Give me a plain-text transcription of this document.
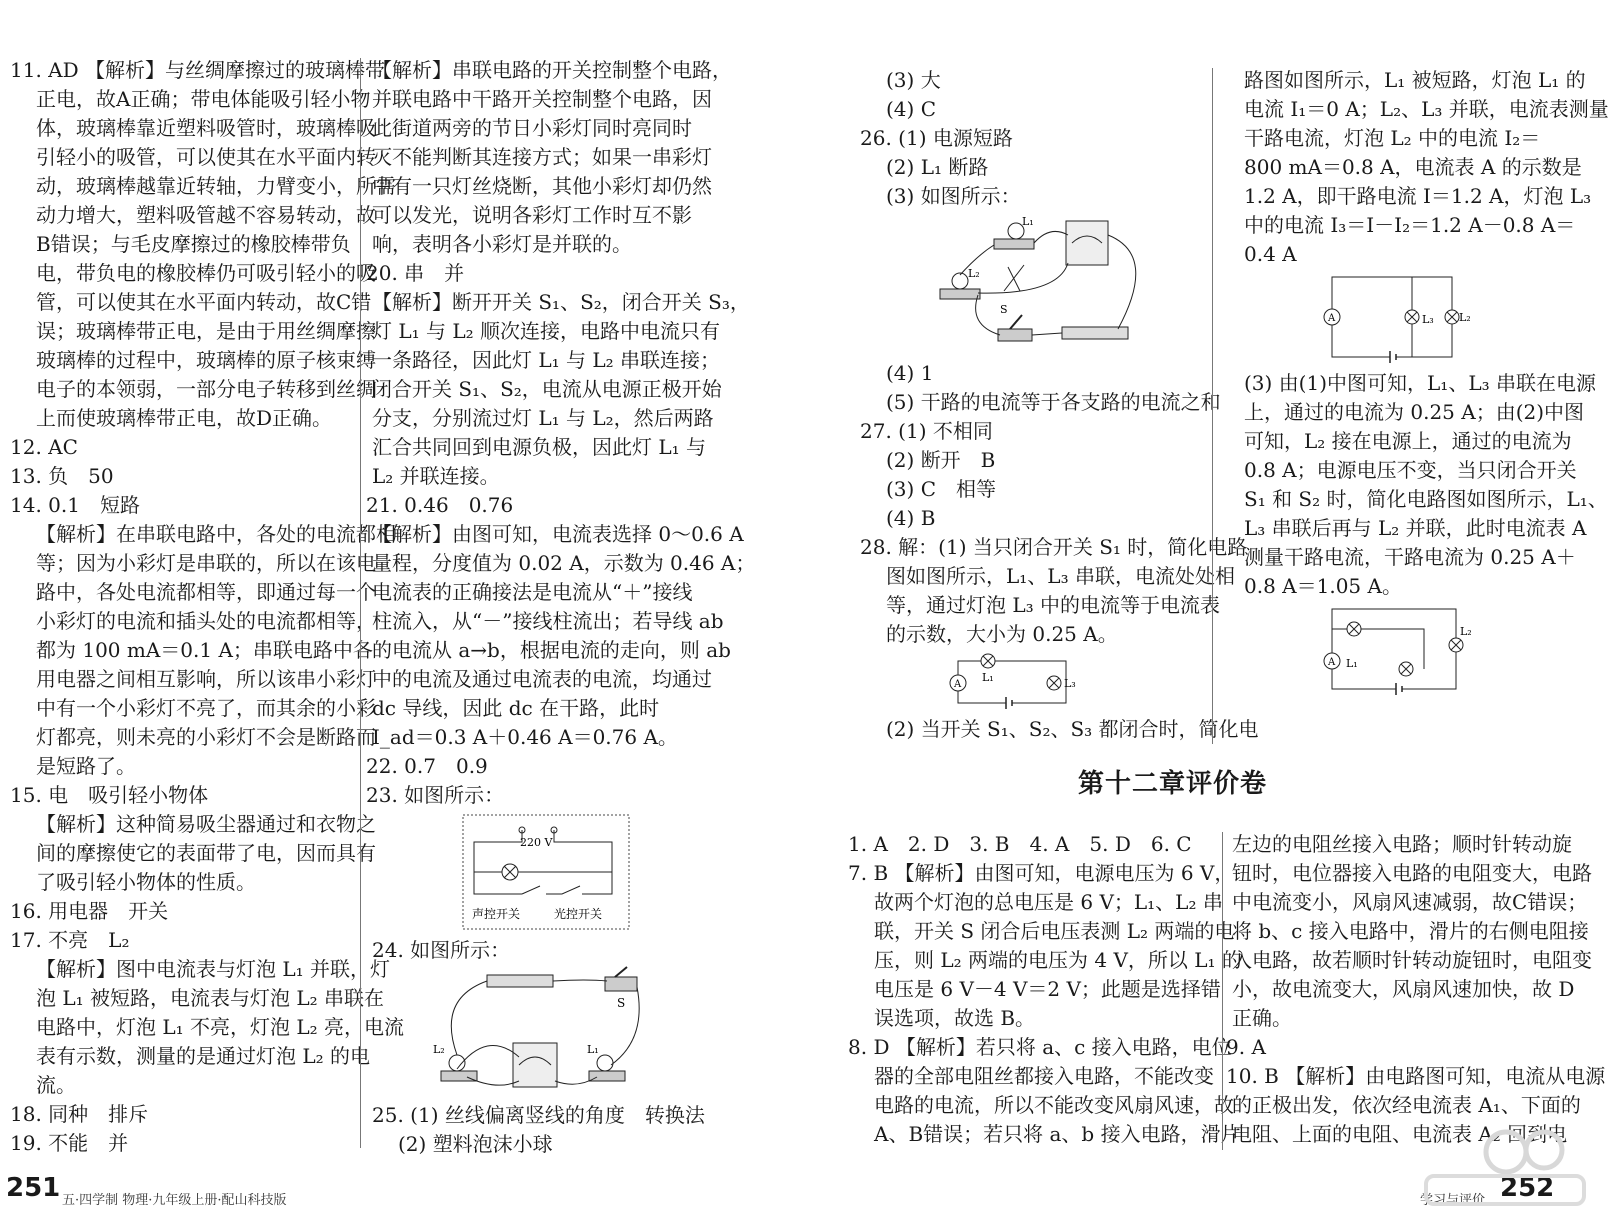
11. AD 【解析】与丝绸摩擦过的玻璃棒带
正电，故A正确；带电体能吸引轻小物
体，玻璃棒靠近塑料吸管时，玻璃棒吸
引轻小的吸管，可以使其在水平面内转
动，玻璃棒越靠近转轴，力臂变小，所需
动力增大，塑料吸管越不容易转动，故
B错误；与毛皮摩擦过的橡胶棒带负
电，带负电的橡胶棒仍可吸引轻小的吸
管，可以使其在水平面内转动，故C错
误；玻璃棒带正电，是由于用丝绸摩擦
玻璃棒的过程中，玻璃棒的原子核束缚
电子的本领弱，一部分电子转移到丝绸
上而使玻璃棒带正电，故D正确。
12. AC
13. 负　50
14. 0.1　短路
【解析】在串联电路中，各处的电流都相
等；因为小彩灯是串联的，所以在该电
路中，各处电流都相等，即通过每一个
小彩灯的电流和插头处的电流都相等，
都为 100 mA＝0.1 A；串联电路中各
用电器之间相互影响，所以该串小彩灯
中有一个小彩灯不亮了，而其余的小彩
灯都亮，则未亮的小彩灯不会是断路而
是短路了。
15. 电　吸引轻小物体
【解析】这种简易吸尘器通过和衣物之
间的摩擦使它的表面带了电，因而具有
了吸引轻小物体的性质。
16. 用电器　开关
17. 不亮　L₂
【解析】图中电流表与灯泡 L₁ 并联，灯
泡 L₁ 被短路，电流表与灯泡 L₂ 串联在
电路中，灯泡 L₁ 不亮，灯泡 L₂ 亮，电流
表有示数，测量的是通过灯泡 L₂ 的电
流。
18. 同种　排斥
19. 不能　并
【解析】串联电路的开关控制整个电路，
并联电路中干路开关控制整个电路，因
此街道两旁的节日小彩灯同时亮同时
灭不能判断其连接方式；如果一串彩灯
中有一只灯丝烧断，其他小彩灯却仍然
可以发光，说明各彩灯工作时互不影
响，表明各小彩灯是并联的。
20. 串　并
【解析】断开开关 S₁、S₂，闭合开关 S₃，
灯 L₁ 与 L₂ 顺次连接，电路中电流只有
一条路径，因此灯 L₁ 与 L₂ 串联连接；
闭合开关 S₁、S₂，电流从电源正极开始
分支，分别流过灯 L₁ 与 L₂，然后两路
汇合共同回到电源负极，因此灯 L₁ 与
L₂ 并联连接。
21. 0.46　0.76
【解析】由图可知，电流表选择 0～0.6 A
量程，分度值为 0.02 A，示数为 0.46 A；
电流表的正确接法是电流从“＋”接线
柱流入，从“－”接线柱流出；若导线 ab
的电流从 a→b，根据电流的走向，则 ab
中的电流及通过电流表的电流，均通过
dc 导线，因此 dc 在干路，此时
I_ad＝0.3 A＋0.46 A＝0.76 A。
22. 0.7　0.9
23. 如图所示：
220 V
声控开关	光控开关
24. 如图所示：
S
L₂	L₁
25. (1) 丝线偏离竖线的角度　转换法
(2) 塑料泡沫小球
251 五·四学制 物理·九年级上册·配山科技版
(3) 大
(4) C
26. (1) 电源短路
(2) L₁ 断路
(3) 如图所示：
L₁
L₂
S
(4) 1
(5) 干路的电流等于各支路的电流之和
27. (1) 不相同
(2) 断开　B
(3) C　相等
(4) B
28. 解：(1) 当只闭合开关 S₁ 时，简化电路
图如图所示，L₁、L₃ 串联，电流处处相
等，通过灯泡 L₃ 中的电流等于电流表
的示数，大小为 0.25 A。
A
L₁	L₃
(2) 当开关 S₁、S₂、S₃ 都闭合时，简化电
路图如图所示，L₁ 被短路，灯泡 L₁ 的
电流 I₁＝0 A；L₂、L₃ 并联，电流表测量
干路电流，灯泡 L₂ 中的电流 I₂＝
800 mA＝0.8 A，电流表 A 的示数是
1.2 A，即干路电流 I＝1.2 A，灯泡 L₃
中的电流 I₃＝I－I₂＝1.2 A－0.8 A＝
0.4 A
A	L₃ L₂
(3) 由(1)中图可知，L₁、L₃ 串联在电源
上，通过的电流为 0.25 A；由(2)中图
可知，L₂ 接在电源上，通过的电流为
0.8 A；电源电压不变，当只闭合开关
S₁ 和 S₂ 时，简化电路图如图所示，L₁、
L₃ 串联后再与 L₂ 并联，此时电流表 A
测量干路电流，干路电流为 0.25 A＋
0.8 A＝1.05 A。
A L₁
L₂
第十二章评价卷
1. A　2. D　3. B　4. A　5. D　6. C
7. B 【解析】由图可知，电源电压为 6 V，
故两个灯泡的总电压是 6 V；L₁、L₂ 串
联，开关 S 闭合后电压表测 L₂ 两端的电
压，则 L₂ 两端的电压为 4 V，所以 L₁ 的
电压是 6 V－4 V＝2 V；此题是选择错
误选项，故选 B。
8. D 【解析】若只将 a、c 接入电路，电位
器的全部电阻丝都接入电路，不能改变
电路的电流，所以不能改变风扇风速，故
A、B错误；若只将 a、b 接入电路，滑片
左边的电阻丝接入电路；顺时针转动旋
钮时，电位器接入电路的电阻变大，电路
中电流变小，风扇风速减弱，故C错误；
将 b、c 接入电路中，滑片的右侧电阻接
入电路，故若顺时针转动旋钮时，电阻变
小，故电流变大，风扇风速加快，故 D
正确。
9. A
10. B 【解析】由电路图可知，电流从电源
的正极出发，依次经电流表 A₁、下面的
电阻、上面的电阻、电流表 A₂ 回到电
学习与评价 252
